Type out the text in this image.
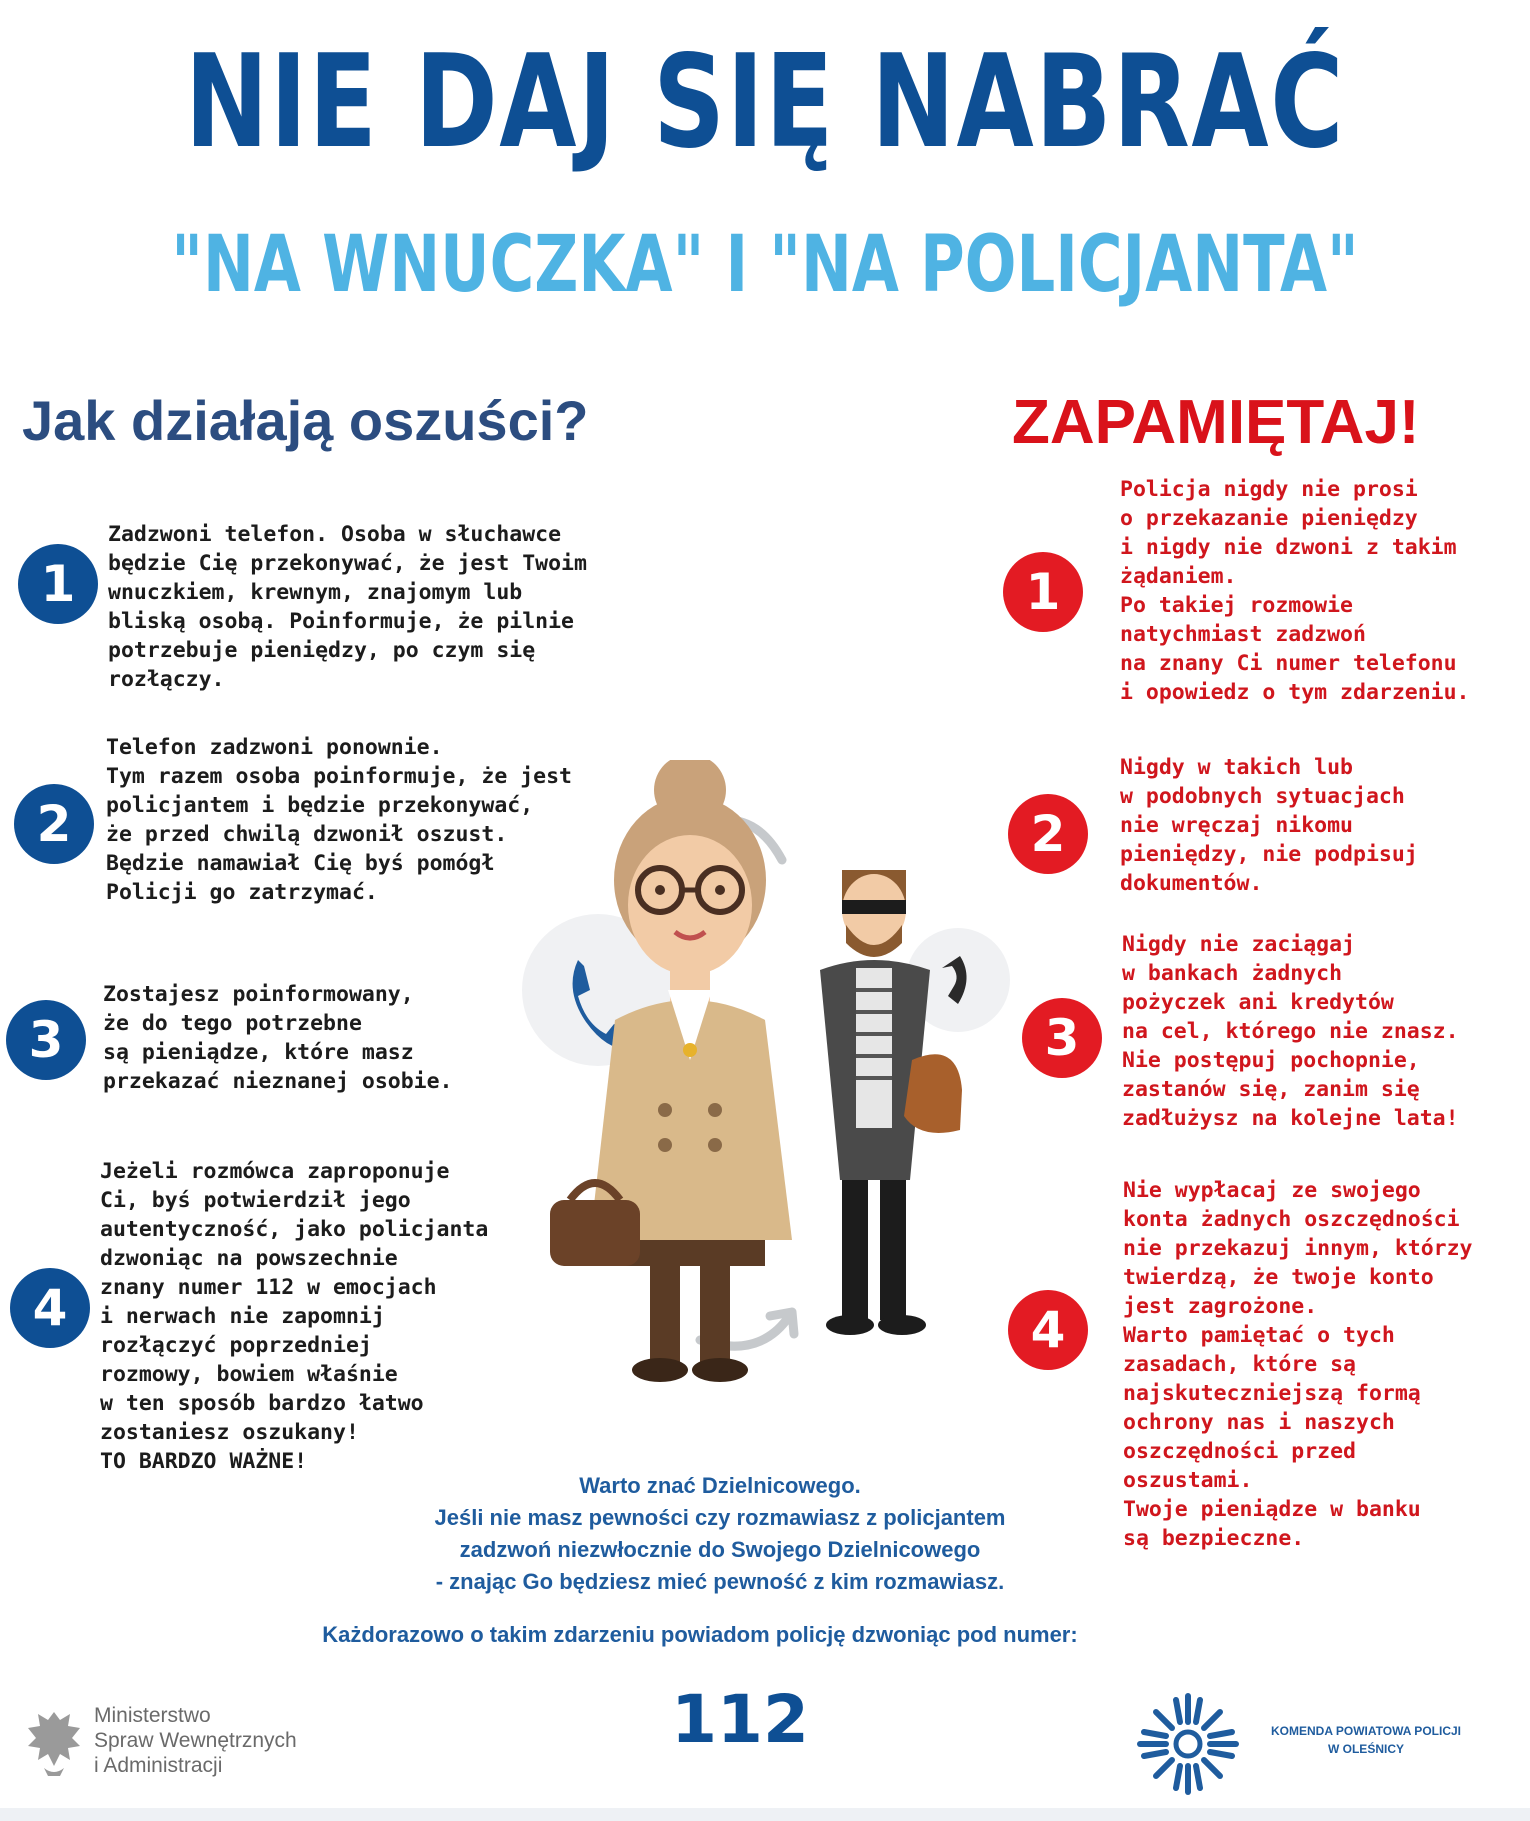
NIE DAJ SIĘ NABRAĆ
"NA WNUCZKA" I "NA POLICJANTA"
Jak działają oszuści?	ZAPAMIĘTAJ!
1
Zadzwoni telefon. Osoba w słuchawce
będzie Cię przekonywać, że jest Twoim
wnuczkiem, krewnym, znajomym lub
bliską osobą. Poinformuje, że pilnie
potrzebuje pieniędzy, po czym się
rozłączy.
2
Telefon zadzwoni ponownie.
Tym razem osoba poinformuje, że jest
policjantem i będzie przekonywać,
że przed chwilą dzwonił oszust.
Będzie namawiał Cię byś pomógł
Policji go zatrzymać.
3
Zostajesz poinformowany,
że do tego potrzebne
są pieniądze, które masz
przekazać nieznanej osobie.
4
Jeżeli rozmówca zaproponuje
Ci, byś potwierdził jego
autentyczność, jako policjanta
dzwoniąc na powszechnie
znany numer 112 w emocjach
i nerwach nie zapomnij
rozłączyć poprzedniej
rozmowy, bowiem właśnie
w ten sposób bardzo łatwo
zostaniesz oszukany!
TO BARDZO WAŻNE!
1
Policja nigdy nie prosi
o przekazanie pieniędzy
i nigdy nie dzwoni z takim
żądaniem.
Po takiej rozmowie
natychmiast zadzwoń
na znany Ci numer telefonu
i opowiedz o tym zdarzeniu.
2
Nigdy w takich lub
w podobnych sytuacjach
nie wręczaj nikomu
pieniędzy, nie podpisuj
dokumentów.
3
Nigdy nie zaciągaj
w bankach żadnych
pożyczek ani kredytów
na cel, którego nie znasz.
Nie postępuj pochopnie,
zastanów się, zanim się
zadłużysz na kolejne lata!
4
Nie wypłacaj ze swojego
konta żadnych oszczędności
nie przekazuj innym, którzy
twierdzą, że twoje konto
jest zagrożone.
Warto pamiętać o tych
zasadach, które są
najskuteczniejszą formą
ochrony nas i naszych
oszczędności przed
oszustami.
Twoje pieniądze w banku
są bezpieczne.
Warto znać Dzielnicowego.
Jeśli nie masz pewności czy rozmawiasz z policjantem
zadzwoń niezwłocznie do Swojego Dzielnicowego
- znając Go będziesz mieć pewność z kim rozmawiasz.
Każdorazowo o takim zdarzeniu powiadom policję dzwoniąc pod numer:
112
Ministerstwo
Spraw Wewnętrznych
i Administracji
KOMENDA POWIATOWA POLICJI
W OLEŚNICY
